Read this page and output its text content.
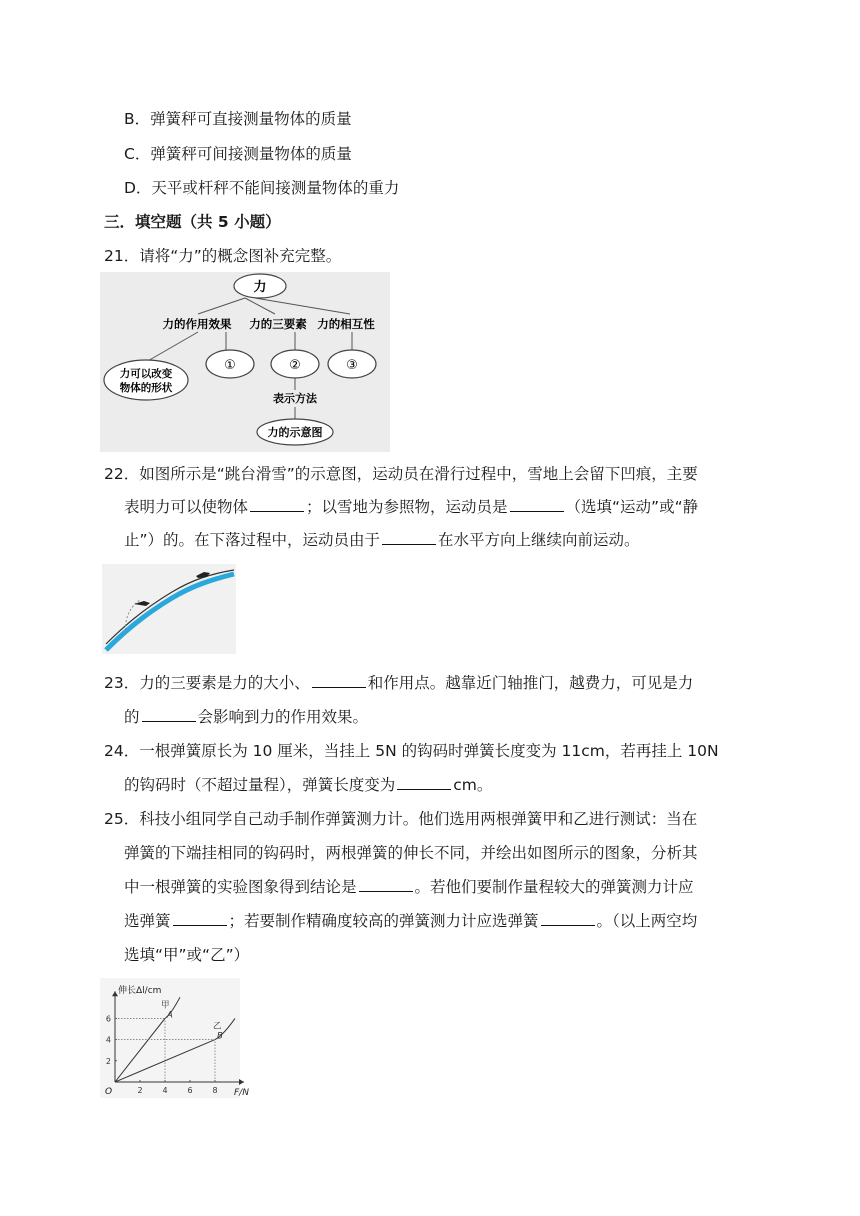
B．弹簧秤可直接测量物体的质量
C．弹簧秤可间接测量物体的质量
D．天平或杆秤不能间接测量物体的重力
三．填空题（共 5 小题）
21．请将“力”的概念图补充完整。
力
力的作用效果 力的三要素 力的相互性
力可以改变
物体的形状
①	②	③
表示方法
力的示意图
22．如图所示是“跳台滑雪”的示意图，运动员在滑行过程中，雪地上会留下凹痕，主要
表明力可以使物体	；以雪地为参照物，运动员是	（选填“运动”或“静
止”）的。在下落过程中，运动员由于	在水平方向上继续向前运动。
23．力的三要素是力的大小、	和作用点。越靠近门轴推门，越费力，可见是力
的	会影响到力的作用效果。
24．一根弹簧原长为 10 厘米，当挂上 5N 的钩码时弹簧长度变为 11cm，若再挂上 10N
的钩码时（不超过量程），弹簧长度变为	cm。
25．科技小组同学自己动手制作弹簧测力计。他们选用两根弹簧甲和乙进行测试：当在
弹簧的下端挂相同的钩码时，两根弹簧的伸长不同，并绘出如图所示的图象，分析其
中一根弹簧的实验图象得到结论是	。若他们要制作量程较大的弹簧测力计应
选弹簧	；若要制作精确度较高的弹簧测力计应选弹簧	。（以上两空均
选填“甲”或“乙”）
伸长Δl/cm
F/N
O	2 4 6 8
2
4
6	A
甲
B
乙
